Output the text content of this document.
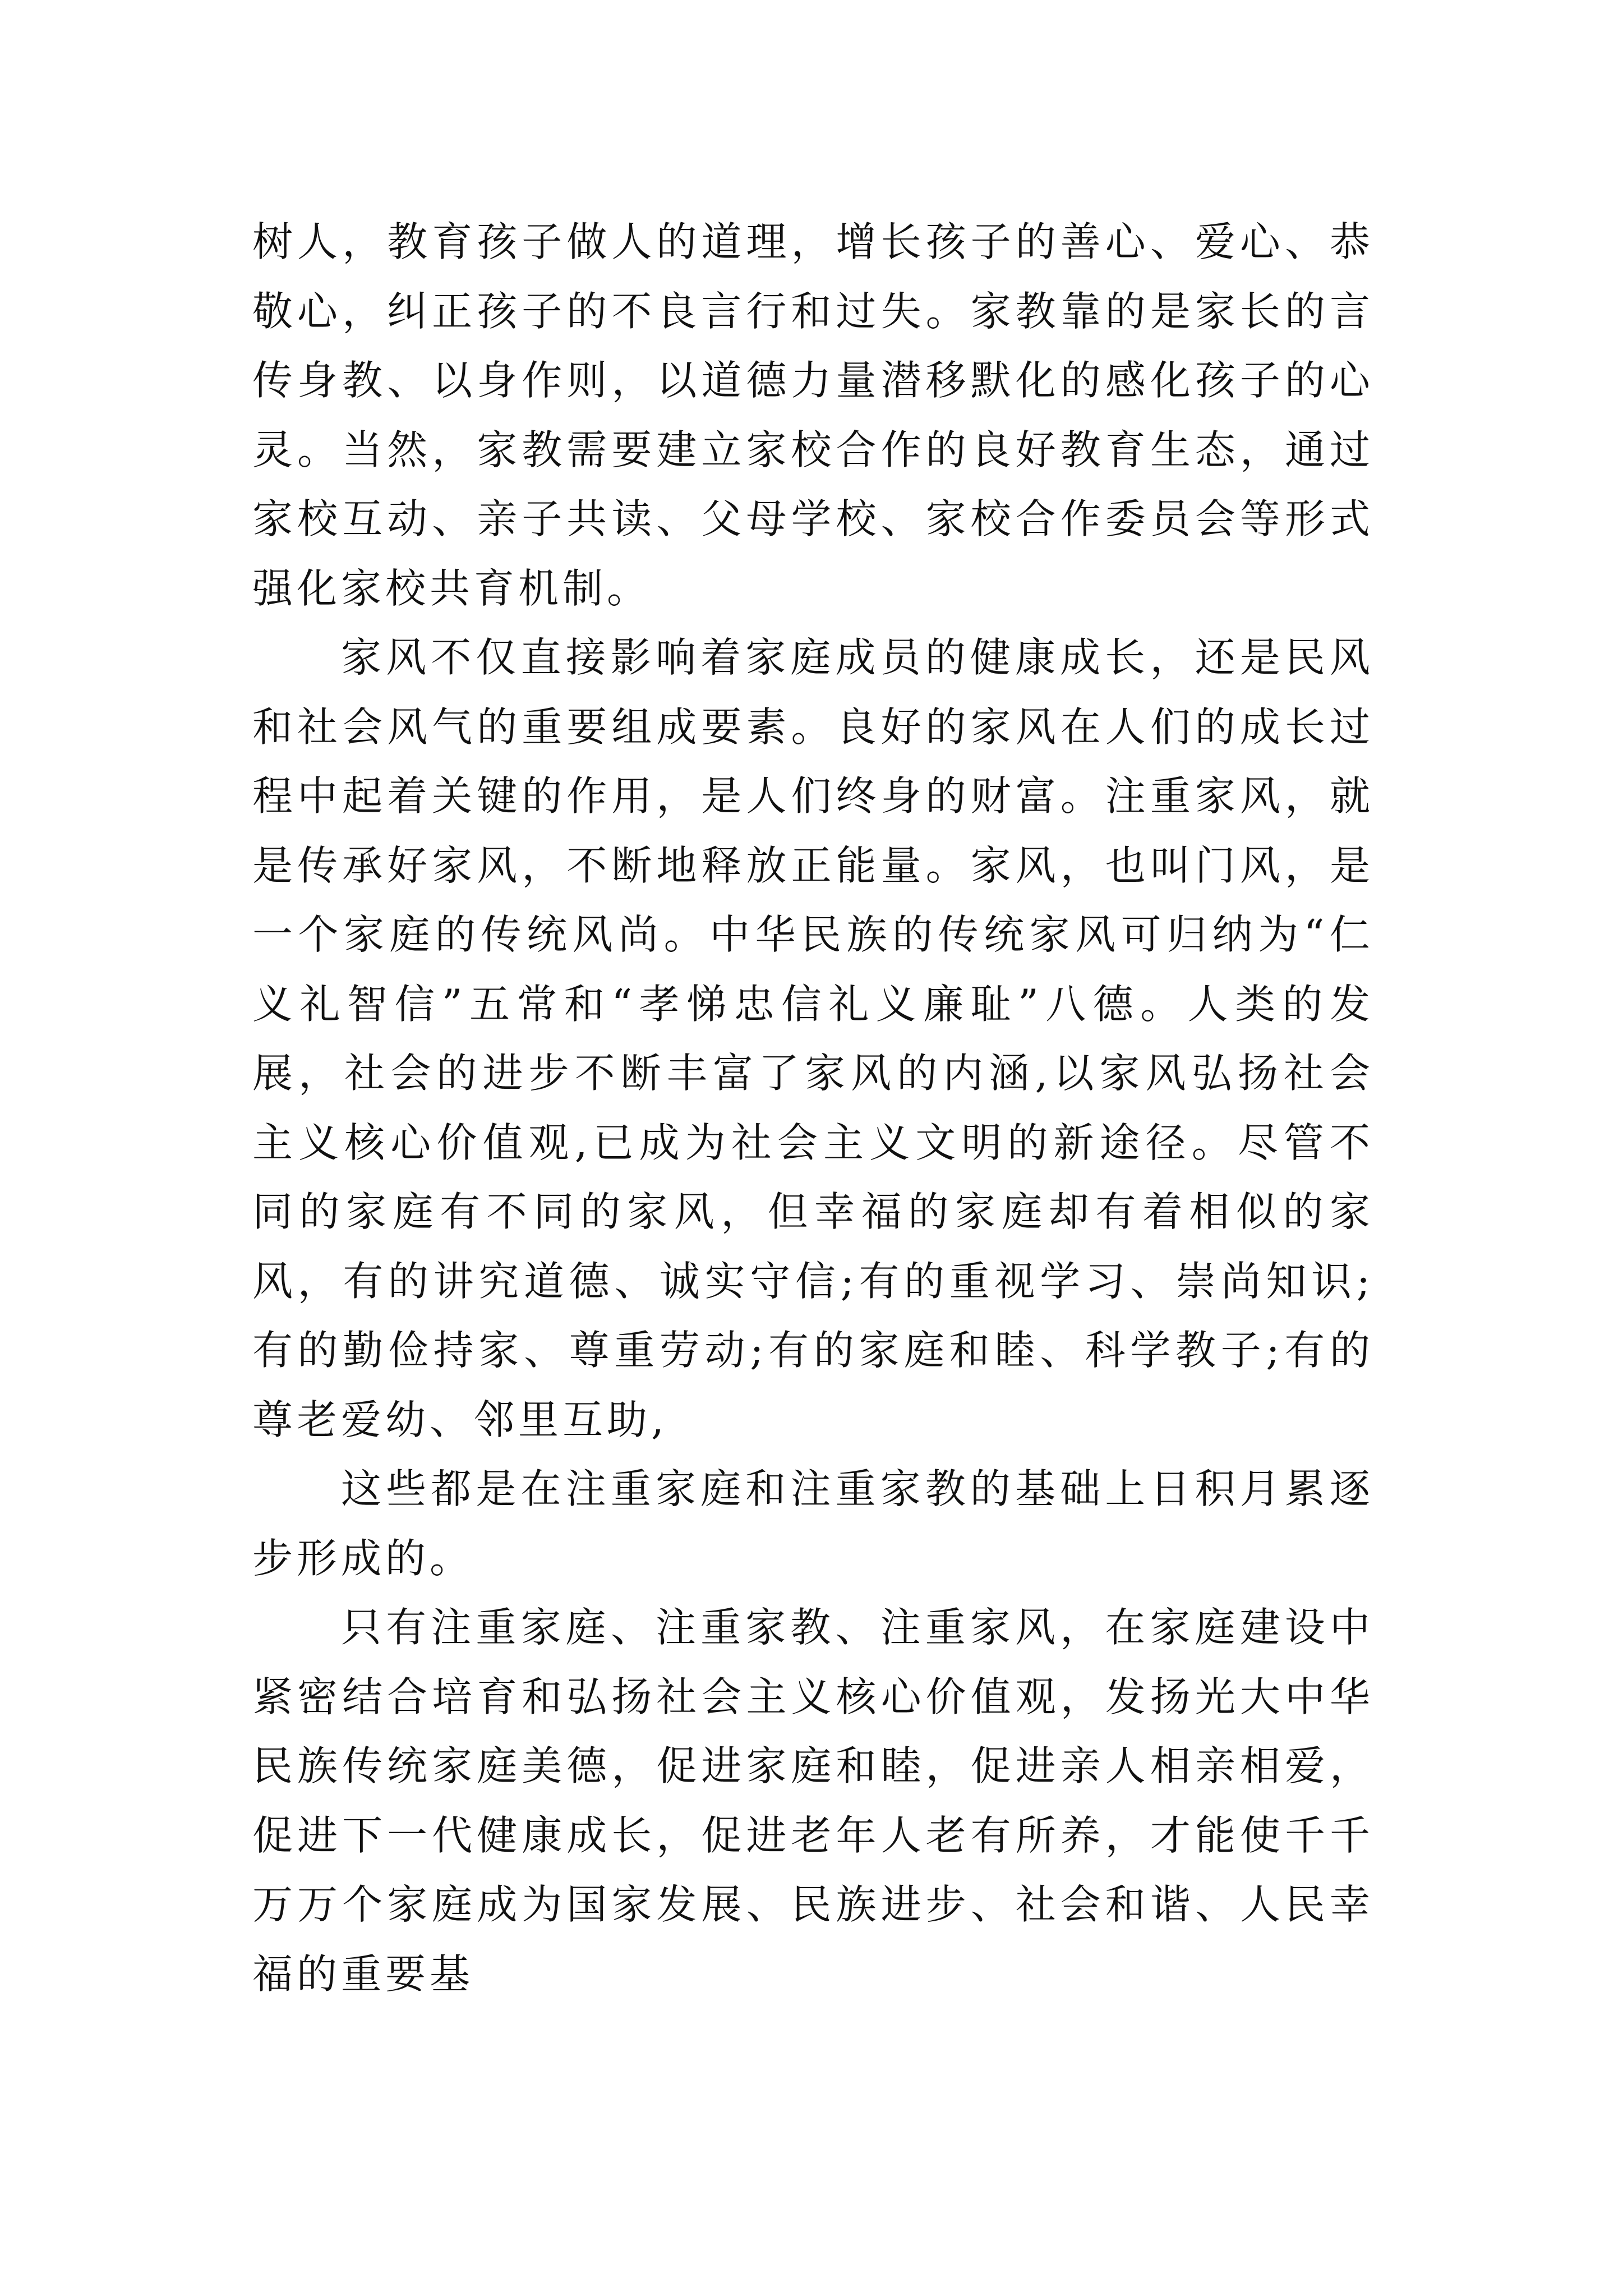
树人，教育孩子做人的道理，增长孩子的善心、爱心、恭敬心，纠正孩子的不良言行和过失。家教靠的是家长的言传身教、以身作则，以道德力量潜移默化的感化孩子的心灵。当然，家教需要建立家校合作的良好教育生态，通过家校互动、亲子共读、父母学校、家校合作委员会等形式强化家校共育机制。

家风不仅直接影响着家庭成员的健康成长，还是民风和社会风气的重要组成要素。良好的家风在人们的成长过程中起着关键的作用，是人们终身的财富。注重家风，就是传承好家风，不断地释放正能量。家风，也叫门风，是一个家庭的传统风尚。中华民族的传统家风可归纳为“仁义礼智信”五常和“孝悌忠信礼义廉耻”八德。人类的发展，社会的进步不断丰富了家风的内涵,以家风弘扬社会主义核心价值观,已成为社会主义文明的新途径。尽管不同的家庭有不同的家风，但幸福的家庭却有着相似的家风，有的讲究道德、诚实守信;有的重视学习、崇尚知识;有的勤俭持家、尊重劳动;有的家庭和睦、科学教子;有的尊老爱幼、邻里互助,

这些都是在注重家庭和注重家教的基础上日积月累逐步形成的。

只有注重家庭、注重家教、注重家风，在家庭建设中紧密结合培育和弘扬社会主义核心价值观，发扬光大中华民族传统家庭美德，促进家庭和睦，促进亲人相亲相爱，促进下一代健康成长，促进老年人老有所养，才能使千千万万个家庭成为国家发展、民族进步、社会和谐、人民幸福的重要基
